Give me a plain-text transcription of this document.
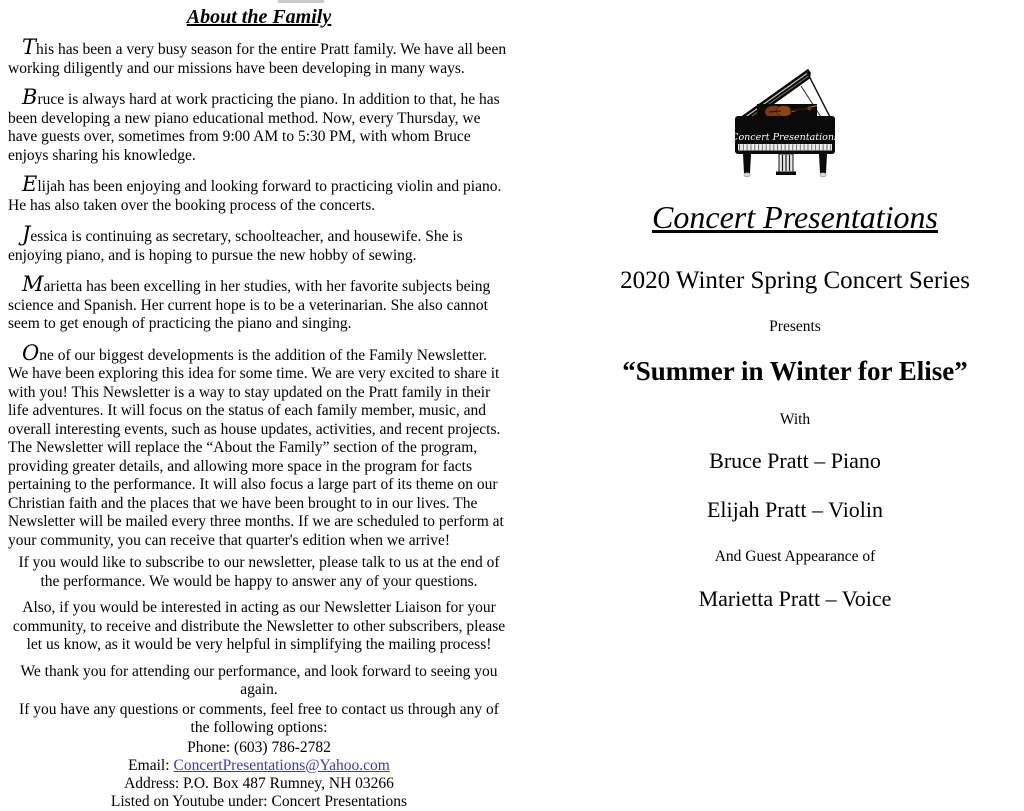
About the Family

This has been a very busy season for the entire Pratt family. We have all been working diligently and our missions have been developing in many ways.

Bruce is always hard at work practicing the piano. In addition to that, he has been developing a new piano educational method. Now, every Thursday, we have guests over, sometimes from 9:00 AM to 5:30 PM, with whom Bruce enjoys sharing his knowledge.

Elijah has been enjoying and looking forward to practicing violin and piano. He has also taken over the booking process of the concerts.

Jessica is continuing as secretary, schoolteacher, and housewife. She is enjoying piano, and is hoping to pursue the new hobby of sewing.

Marietta has been excelling in her studies, with her favorite subjects being science and Spanish. Her current hope is to be a veterinarian. She also cannot seem to get enough of practicing the piano and singing.

One of our biggest developments is the addition of the Family Newsletter. We have been exploring this idea for some time. We are very excited to share it with you! This Newsletter is a way to stay updated on the Pratt family in their life adventures. It will focus on the status of each family member, music, and overall interesting events, such as house updates, activities, and recent projects. The Newsletter will replace the “About the Family” section of the program, providing greater details, and allowing more space in the program for facts pertaining to the performance. It will also focus a large part of its theme on our Christian faith and the places that we have been brought to in our lives. The Newsletter will be mailed every three months. If we are scheduled to perform at your community, you can receive that quarter's edition when we arrive!

If you would like to subscribe to our newsletter, please talk to us at the end of the performance. We would be happy to answer any of your questions.

Also, if you would be interested in acting as our Newsletter Liaison for your community, to receive and distribute the Newsletter to other subscribers, please let us know, as it would be very helpful in simplifying the mailing process!

We thank you for attending our performance, and look forward to seeing you again.

If you have any questions or comments, feel free to contact us through any of the following options:

Phone: (603) 786-2782

Email: ConcertPresentations@Yahoo.com

Address: P.O. Box 487 Rumney, NH 03266

Listed on Youtube under: Concert Presentations

Concert Presentations
Concert Presentations
2020 Winter Spring Concert Series
Presents
“Summer in Winter for Elise”
With
Bruce Pratt – Piano
Elijah Pratt – Violin
And Guest Appearance of
Marietta Pratt – Voice
